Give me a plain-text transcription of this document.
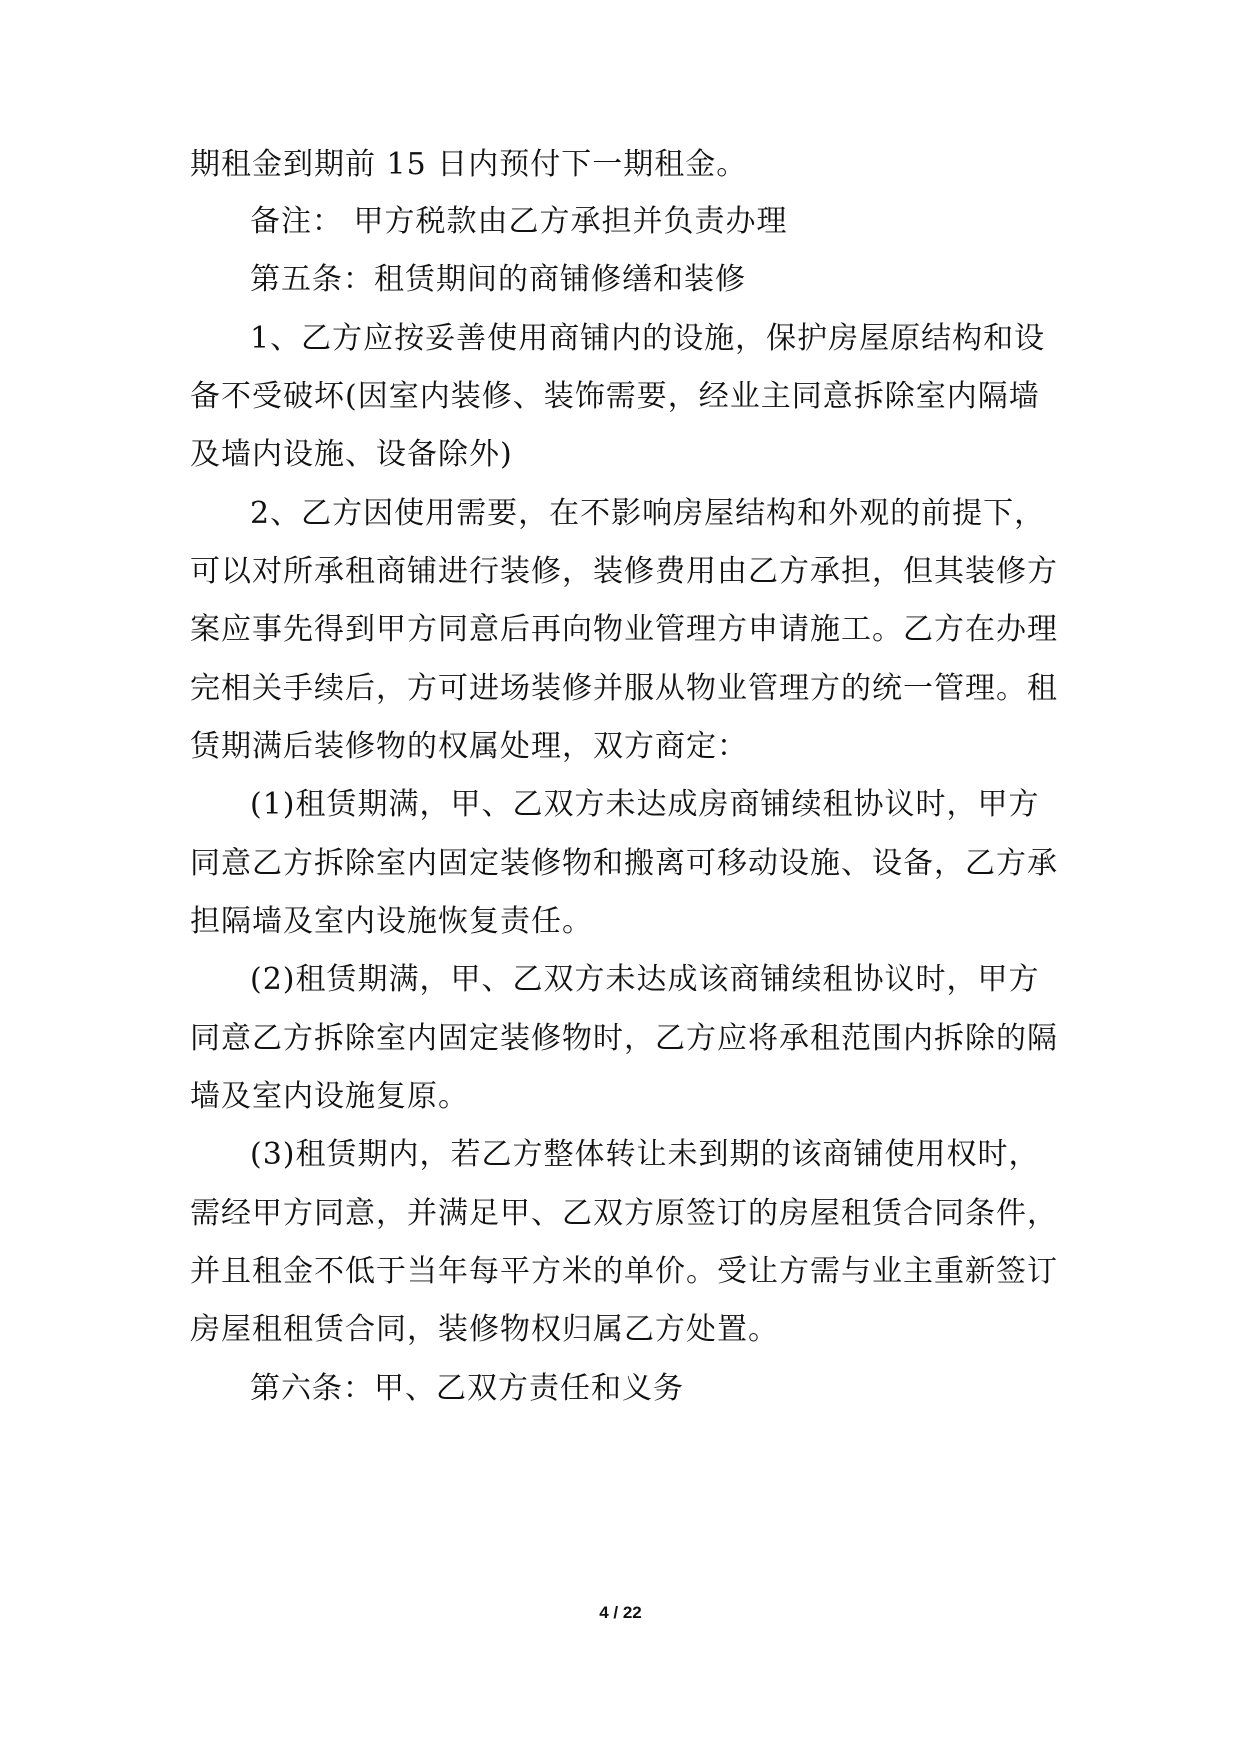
期租金到期前 15 日内预付下一期租金。
备注： 甲方税款由乙方承担并负责办理
第五条：租赁期间的商铺修缮和装修
1、乙方应按妥善使用商铺内的设施，保护房屋原结构和设
备不受破坏(因室内装修、装饰需要，经业主同意拆除室内隔墙
及墙内设施、设备除外)
2、乙方因使用需要，在不影响房屋结构和外观的前提下，
可以对所承租商铺进行装修，装修费用由乙方承担，但其装修方
案应事先得到甲方同意后再向物业管理方申请施工。乙方在办理
完相关手续后，方可进场装修并服从物业管理方的统一管理。租
赁期满后装修物的权属处理，双方商定：
(1)租赁期满，甲、乙双方未达成房商铺续租协议时，甲方
同意乙方拆除室内固定装修物和搬离可移动设施、设备，乙方承
担隔墙及室内设施恢复责任。
(2)租赁期满，甲、乙双方未达成该商铺续租协议时，甲方
同意乙方拆除室内固定装修物时，乙方应将承租范围内拆除的隔
墙及室内设施复原。
(3)租赁期内，若乙方整体转让未到期的该商铺使用权时，
需经甲方同意，并满足甲、乙双方原签订的房屋租赁合同条件，
并且租金不低于当年每平方米的单价。受让方需与业主重新签订
房屋租租赁合同，装修物权归属乙方处置。
第六条：甲、乙双方责任和义务
4 / 22
